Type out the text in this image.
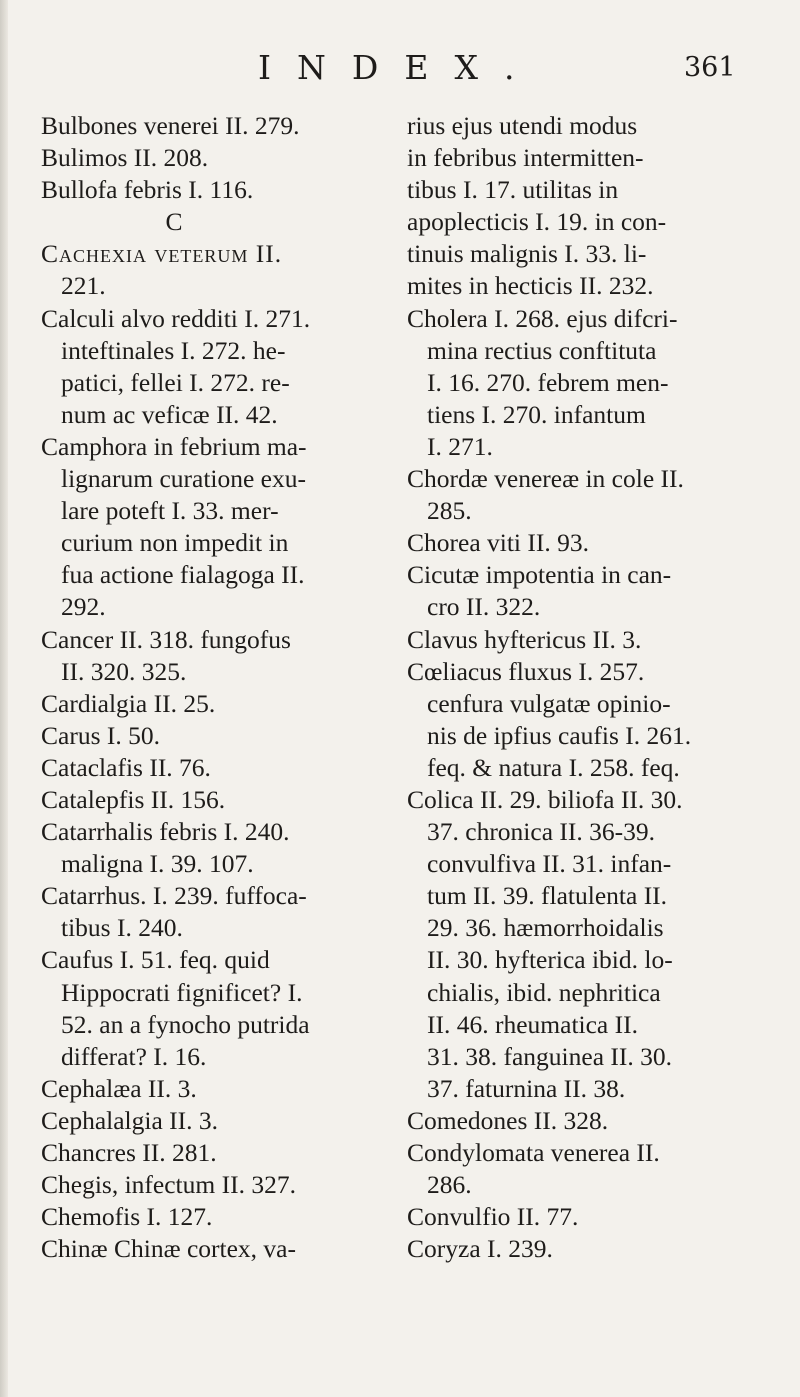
INDEX.	361
Bulbones venerei II. 279.
Bulimos II. 208.
Bullofa febris I. 116.
C
Cachexia veterum II.
221.
Calculi alvo redditi I. 271.
inteftinales I. 272. he-
patici, fellei I. 272. re-
num ac veficæ II. 42.
Camphora in febrium ma-
lignarum curatione exu-
lare poteft I. 33. mer-
curium non impedit in
fua actione fialagoga II.
292.
Cancer II. 318. fungofus
II. 320. 325.
Cardialgia II. 25.
Carus I. 50.
Cataclafis II. 76.
Catalepfis II. 156.
Catarrhalis febris I. 240.
maligna I. 39. 107.
Catarrhus. I. 239. fuffoca-
tibus I. 240.
Caufus I. 51. feq. quid
Hippocrati fignificet? I.
52. an a fynocho putrida
differat? I. 16.
Cephalæa II. 3.
Cephalalgia II. 3.
Chancres II. 281.
Chegis, infectum II. 327.
Chemofis I. 127.
Chinæ Chinæ cortex, va-
rius ejus utendi modus
in febribus intermitten-
tibus I. 17. utilitas in
apoplecticis I. 19. in con-
tinuis malignis I. 33. li-
mites in hecticis II. 232.
Cholera I. 268. ejus difcri-
mina rectius conftituta
I. 16. 270. febrem men-
tiens I. 270. infantum
I. 271.
Chordæ venereæ in cole II.
285.
Chorea viti II. 93.
Cicutæ impotentia in can-
cro II. 322.
Clavus hyftericus II. 3.
Cœliacus fluxus I. 257.
cenfura vulgatæ opinio-
nis de ipfius caufis I. 261.
feq. & natura I. 258. feq.
Colica II. 29. biliofa II. 30.
37. chronica II. 36-39.
convulfiva II. 31. infan-
tum II. 39. flatulenta II.
29. 36. hæmorrhoidalis
II. 30. hyfterica ibid. lo-
chialis, ibid. nephritica
II. 46. rheumatica II.
31. 38. fanguinea II. 30.
37. faturnina II. 38.
Comedones II. 328.
Condylomata venerea II.
286.
Convulfio II. 77.
Coryza I. 239.
